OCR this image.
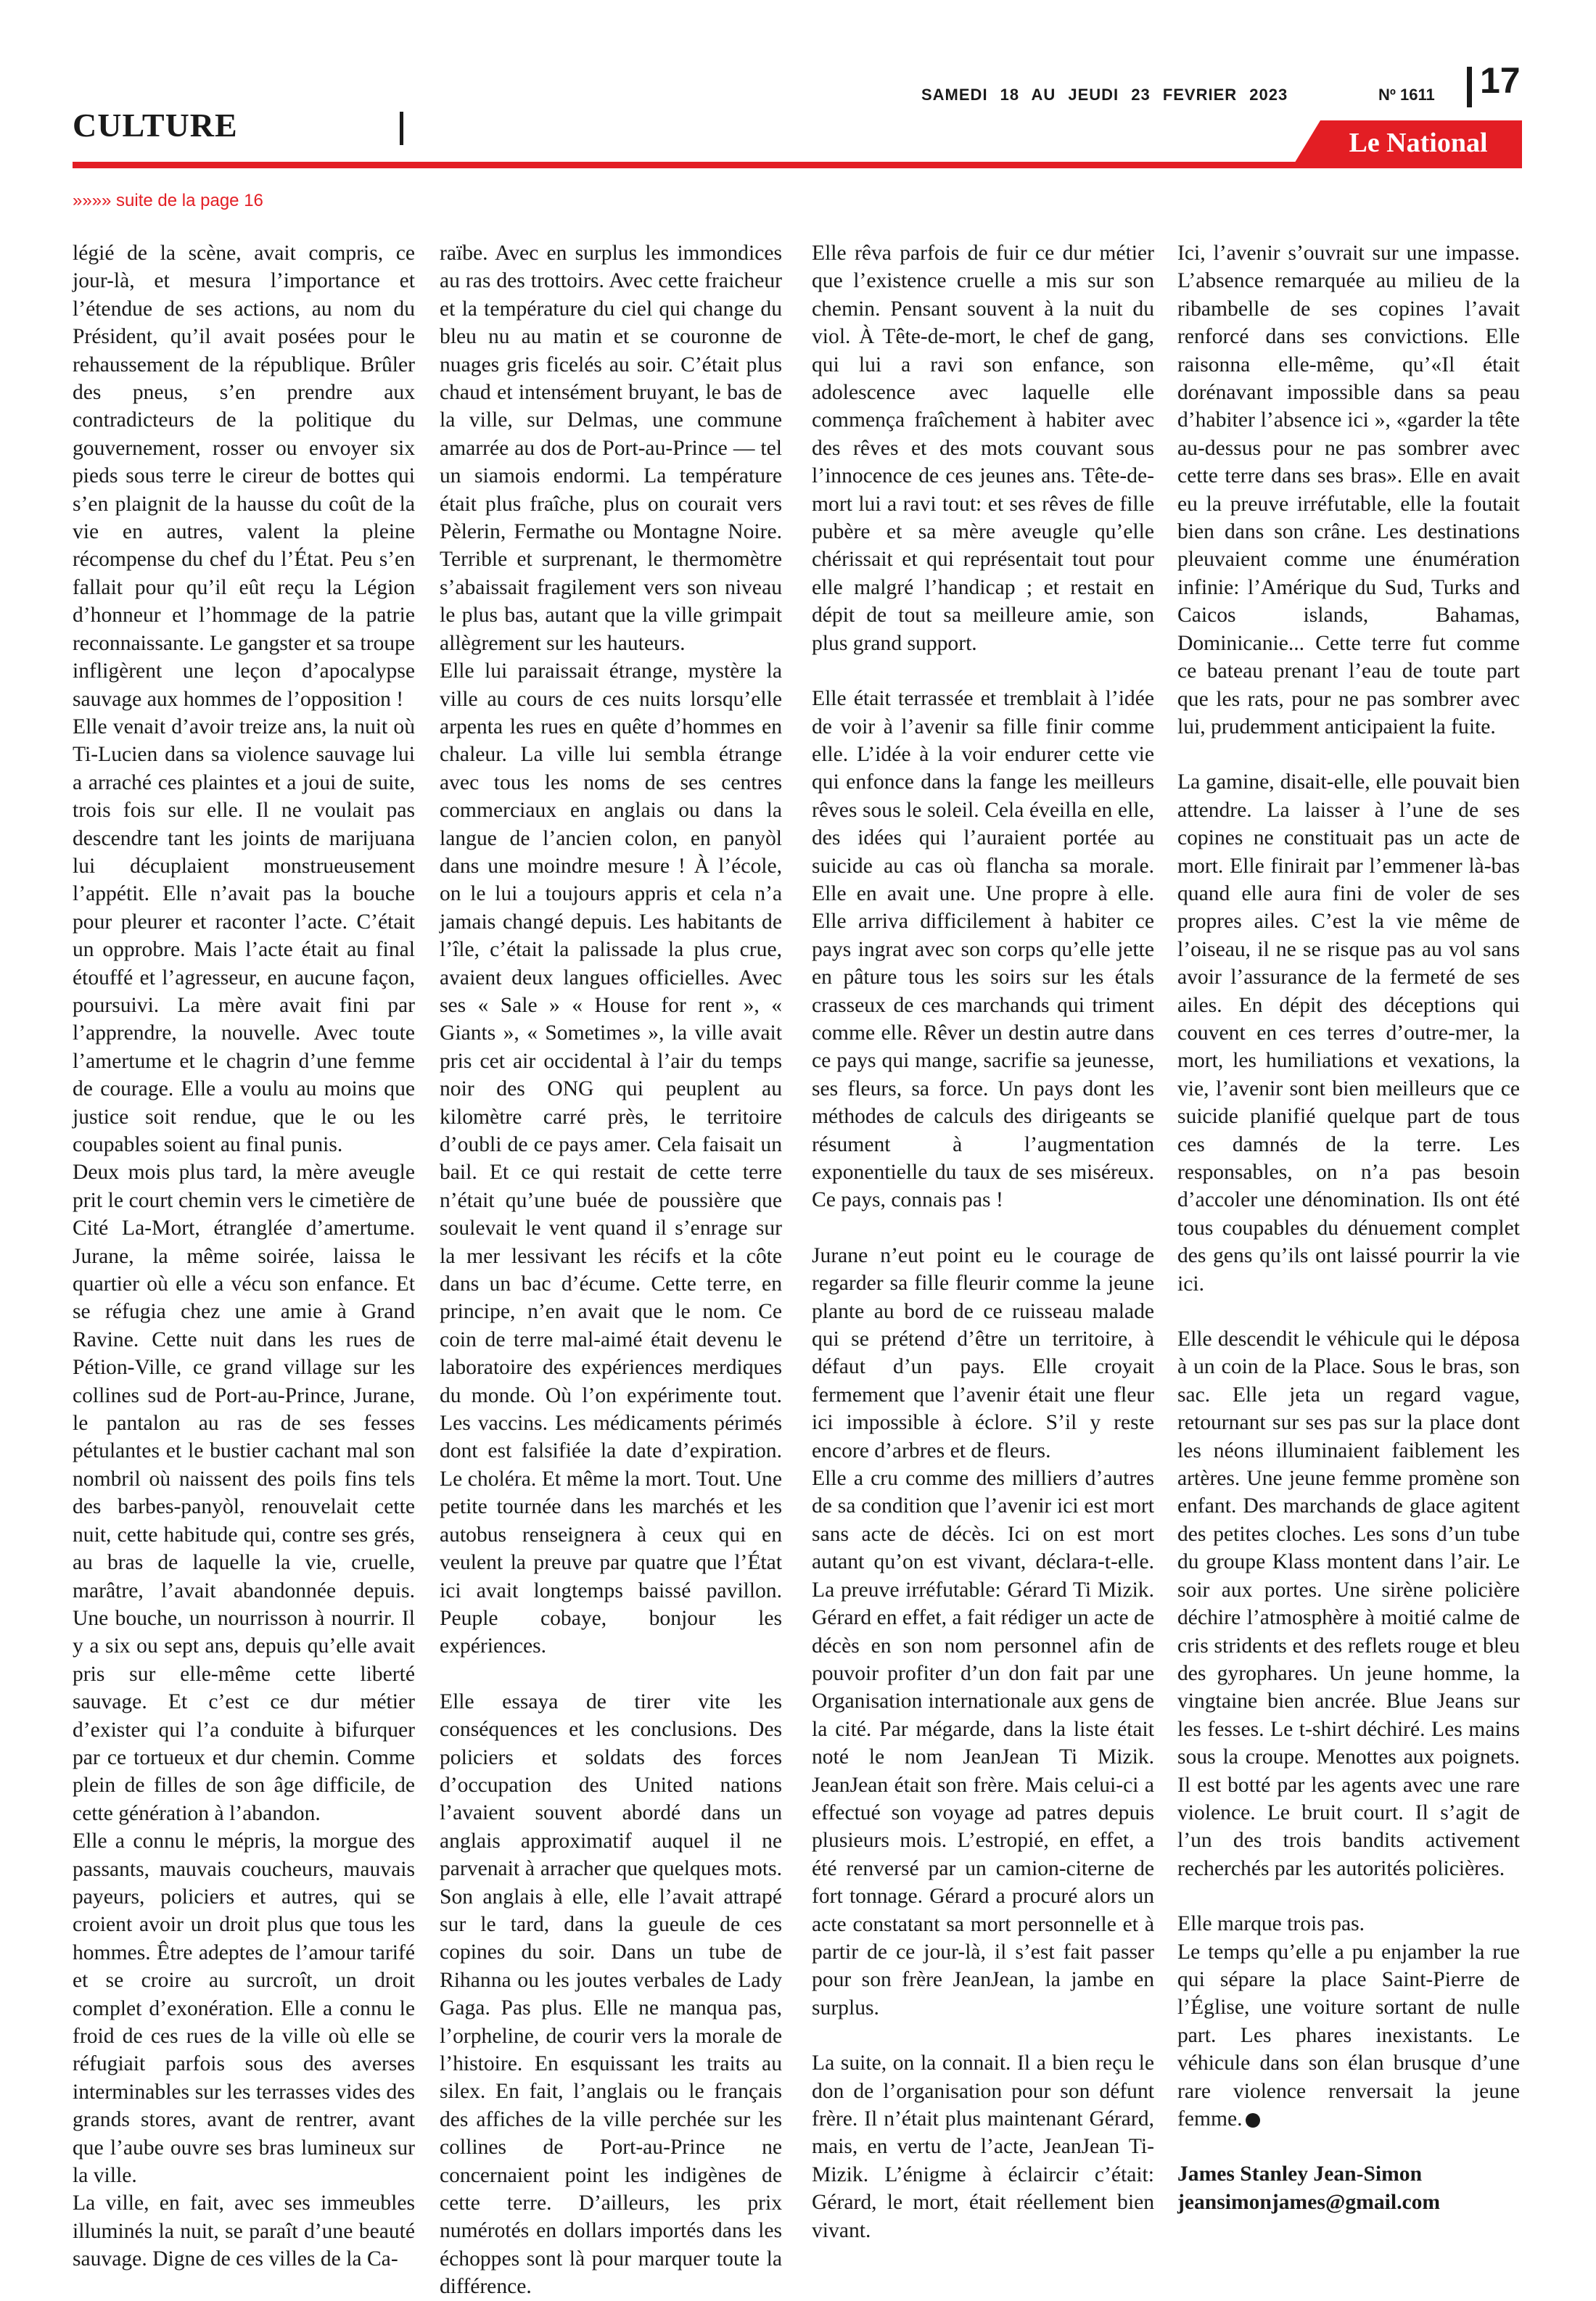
SAMEDI 18 AU JEUDI 23 FEVRIER 2023	Nº 1611 17
CULTURE	Le National
»»»» suite de la page 16

légié de la scène, avait compris, ce jour-là, et mesura l’importance et l’étendue de ses actions, au nom du Président, qu’il avait posées pour le rehaussement de la république. Brûler des pneus, s’en prendre aux contradicteurs de la politique du gouvernement, rosser ou envoyer six pieds sous terre le cireur de bottes qui s’en plaignit de la hausse du coût de la vie en autres, valent la pleine récompense du chef du l’État. Peu s’en fallait pour qu’il eût reçu la Légion d’honneur et l’hommage de la patrie reconnaissante. Le gangster et sa troupe infligèrent une leçon d’apocalypse sauvage aux hommes de l’opposition !

Elle venait d’avoir treize ans, la nuit où Ti-Lucien dans sa violence sauvage lui a arraché ces plaintes et a joui de suite, trois fois sur elle. Il ne voulait pas descendre tant les joints de marijuana lui décuplaient monstrueusement l’appétit. Elle n’avait pas la bouche pour pleurer et raconter l’acte. C’était un opprobre. Mais l’acte était au final étouffé et l’agresseur, en aucune façon, poursuivi. La mère avait fini par l’apprendre, la nouvelle. Avec toute l’amertume et le chagrin d’une femme de courage. Elle a voulu au moins que justice soit rendue, que le ou les coupables soient au final punis.

Deux mois plus tard, la mère aveugle prit le court chemin vers le cimetière de Cité La-Mort, étranglée d’amertume. Jurane, la même soirée, laissa le quartier où elle a vécu son enfance. Et se réfugia chez une amie à Grand Ravine. Cette nuit dans les rues de Pétion-Ville, ce grand village sur les collines sud de Port-au-Prince, Jurane, le pantalon au ras de ses fesses pétulantes et le bustier cachant mal son nombril où naissent des poils fins tels des barbes-panyòl, renouvelait cette nuit, cette habitude qui, contre ses grés, au bras de laquelle la vie, cruelle, marâtre, l’avait abandonnée depuis. Une bouche, un nourrisson à nourrir. Il y a six ou sept ans, depuis qu’elle avait pris sur elle-même cette liberté sauvage. Et c’est ce dur métier d’exister qui l’a conduite à bifurquer par ce tortueux et dur chemin. Comme plein de filles de son âge difficile, de cette génération à l’abandon.

Elle a connu le mépris, la morgue des passants, mauvais coucheurs, mauvais payeurs, policiers et autres, qui se croient avoir un droit plus que tous les hommes. Être adeptes de l’amour tarifé et se croire au surcroît, un droit complet d’exonération. Elle a connu le froid de ces rues de la ville où elle se réfugiait parfois sous des averses interminables sur les terrasses vides des grands stores, avant de rentrer, avant que l’aube ouvre ses bras lumineux sur la ville.

La ville, en fait, avec ses immeubles illuminés la nuit, se paraît d’une beauté sauvage. Digne de ces villes de la Ca-

raïbe. Avec en surplus les immondices au ras des trottoirs. Avec cette fraicheur et la température du ciel qui change du bleu nu au matin et se couronne de nuages gris ficelés au soir. C’était plus chaud et intensément bruyant, le bas de la ville, sur Delmas, une commune amarrée au dos de Port-au-Prince — tel un siamois endormi. La température était plus fraîche, plus on courait vers Pèlerin, Fermathe ou Montagne Noire. Terrible et surprenant, le thermomètre s’abaissait fragilement vers son niveau le plus bas, autant que la ville grimpait allègrement sur les hauteurs.

Elle lui paraissait étrange, mystère la ville au cours de ces nuits lorsqu’elle arpenta les rues en quête d’hommes en chaleur. La ville lui sembla étrange avec tous les noms de ses centres commerciaux en anglais ou dans la langue de l’ancien colon, en panyòl dans une moindre mesure ! À l’école, on le lui a toujours appris et cela n’a jamais changé depuis. Les habitants de l’île, c’était la palissade la plus crue, avaient deux langues officielles. Avec ses « Sale » « House for rent », « Giants », « Sometimes », la ville avait pris cet air occidental à l’air du temps noir des ONG qui peuplent au kilomètre carré près, le territoire d’oubli de ce pays amer. Cela faisait un bail. Et ce qui restait de cette terre n’était qu’une buée de poussière que soulevait le vent quand il s’enrage sur la mer lessivant les récifs et la côte dans un bac d’écume. Cette terre, en principe, n’en avait que le nom. Ce coin de terre mal-aimé était devenu le laboratoire des expériences merdiques du monde. Où l’on expérimente tout. Les vaccins. Les médicaments périmés dont est falsifiée la date d’expiration. Le choléra. Et même la mort. Tout. Une petite tournée dans les marchés et les autobus renseignera à ceux qui en veulent la preuve par quatre que l’État ici avait longtemps baissé pavillon. Peuple cobaye, bonjour les expériences.

Elle essaya de tirer vite les conséquences et les conclusions. Des policiers et soldats des forces d’occupation des United nations l’avaient souvent abordé dans un anglais approximatif auquel il ne parvenait à arracher que quelques mots. Son anglais à elle, elle l’avait attrapé sur le tard, dans la gueule de ces copines du soir. Dans un tube de Rihanna ou les joutes verbales de Lady Gaga. Pas plus. Elle ne manqua pas, l’orpheline, de courir vers la morale de l’histoire. En esquissant les traits au silex. En fait, l’anglais ou le français des affiches de la ville perchée sur les collines de Port-au-Prince ne concernaient point les indigènes de cette terre. D’ailleurs, les prix numérotés en dollars importés dans les échoppes sont là pour marquer toute la différence.

Elle rêva parfois de fuir ce dur métier que l’existence cruelle a mis sur son chemin. Pensant souvent à la nuit du viol. À Tête-de-mort, le chef de gang, qui lui a ravi son enfance, son adolescence avec laquelle elle commença fraîchement à habiter avec des rêves et des mots couvant sous l’innocence de ces jeunes ans. Tête-de-mort lui a ravi tout: et ses rêves de fille pubère et sa mère aveugle qu’elle chérissait et qui représentait tout pour elle malgré l’handicap ; et restait en dépit de tout sa meilleure amie, son plus grand support.

Elle était terrassée et tremblait à l’idée de voir à l’avenir sa fille finir comme elle. L’idée à la voir endurer cette vie qui enfonce dans la fange les meilleurs rêves sous le soleil. Cela éveilla en elle, des idées qui l’auraient portée au suicide au cas où flancha sa morale. Elle en avait une. Une propre à elle. Elle arriva difficilement à habiter ce pays ingrat avec son corps qu’elle jette en pâture tous les soirs sur les étals crasseux de ces marchands qui triment comme elle. Rêver un destin autre dans ce pays qui mange, sacrifie sa jeunesse, ses fleurs, sa force. Un pays dont les méthodes de calculs des dirigeants se résument à l’augmentation exponentielle du taux de ses miséreux. Ce pays, connais pas !

Jurane n’eut point eu le courage de regarder sa fille fleurir comme la jeune plante au bord de ce ruisseau malade qui se prétend d’être un territoire, à défaut d’un pays. Elle croyait fermement que l’avenir était une fleur ici impossible à éclore. S’il y reste encore d’arbres et de fleurs.

Elle a cru comme des milliers d’autres de sa condition que l’avenir ici est mort sans acte de décès. Ici on est mort autant qu’on est vivant, déclara-t-elle. La preuve irréfutable: Gérard Ti Mizik. Gérard en effet, a fait rédiger un acte de décès en son nom personnel afin de pouvoir profiter d’un don fait par une Organisation internationale aux gens de la cité. Par mégarde, dans la liste était noté le nom JeanJean Ti Mizik. JeanJean était son frère. Mais celui-ci a effectué son voyage ad patres depuis plusieurs mois. L’estropié, en effet, a été renversé par un camion-citerne de fort tonnage. Gérard a procuré alors un acte constatant sa mort personnelle et à partir de ce jour-là, il s’est fait passer pour son frère JeanJean, la jambe en surplus.

La suite, on la connait. Il a bien reçu le don de l’organisation pour son défunt frère. Il n’était plus maintenant Gérard, mais, en vertu de l’acte, JeanJean Ti-Mizik. L’énigme à éclaircir c’était: Gérard, le mort, était réellement bien vivant.

Ici, l’avenir s’ouvrait sur une impasse. L’absence remarquée au milieu de la ribambelle de ses copines l’avait renforcé dans ses convictions. Elle raisonna elle-même, qu’«Il était dorénavant impossible dans sa peau d’habiter l’absence ici », «garder la tête au-dessus pour ne pas sombrer avec cette terre dans ses bras». Elle en avait eu la preuve irréfutable, elle la foutait bien dans son crâne. Les destinations pleuvaient comme une énumération infinie: l’Amérique du Sud, Turks and Caicos islands, Bahamas, Dominicanie... Cette terre fut comme ce bateau prenant l’eau de toute part que les rats, pour ne pas sombrer avec lui, prudemment anticipaient la fuite.

La gamine, disait-elle, elle pouvait bien attendre. La laisser à l’une de ses copines ne constituait pas un acte de mort. Elle finirait par l’emmener là-bas quand elle aura fini de voler de ses propres ailes. C’est la vie même de l’oiseau, il ne se risque pas au vol sans avoir l’assurance de la fermeté de ses ailes. En dépit des déceptions qui couvent en ces terres d’outre-mer, la mort, les humiliations et vexations, la vie, l’avenir sont bien meilleurs que ce suicide planifié quelque part de tous ces damnés de la terre. Les responsables, on n’a pas besoin d’accoler une dénomination. Ils ont été tous coupables du dénuement complet des gens qu’ils ont laissé pourrir la vie ici.

Elle descendit le véhicule qui le déposa à un coin de la Place. Sous le bras, son sac. Elle jeta un regard vague, retournant sur ses pas sur la place dont les néons illuminaient faiblement les artères. Une jeune femme promène son enfant. Des marchands de glace agitent des petites cloches. Les sons d’un tube du groupe Klass montent dans l’air. Le soir aux portes. Une sirène policière déchire l’atmosphère à moitié calme de cris stridents et des reflets rouge et bleu des gyrophares. Un jeune homme, la vingtaine bien ancrée. Blue Jeans sur les fesses. Le t-shirt déchiré. Les mains sous la croupe. Menottes aux poignets. Il est botté par les agents avec une rare violence. Le bruit court. Il s’agit de l’un des trois bandits activement recherchés par les autorités policières.

Elle marque trois pas.

Le temps qu’elle a pu enjamber la rue qui sépare la place Saint-Pierre de l’Église, une voiture sortant de nulle part. Les phares inexistants. Le véhicule dans son élan brusque d’une rare violence renversait la jeune femme.

James Stanley Jean-Simon
jeansimonjames@gmail.com
